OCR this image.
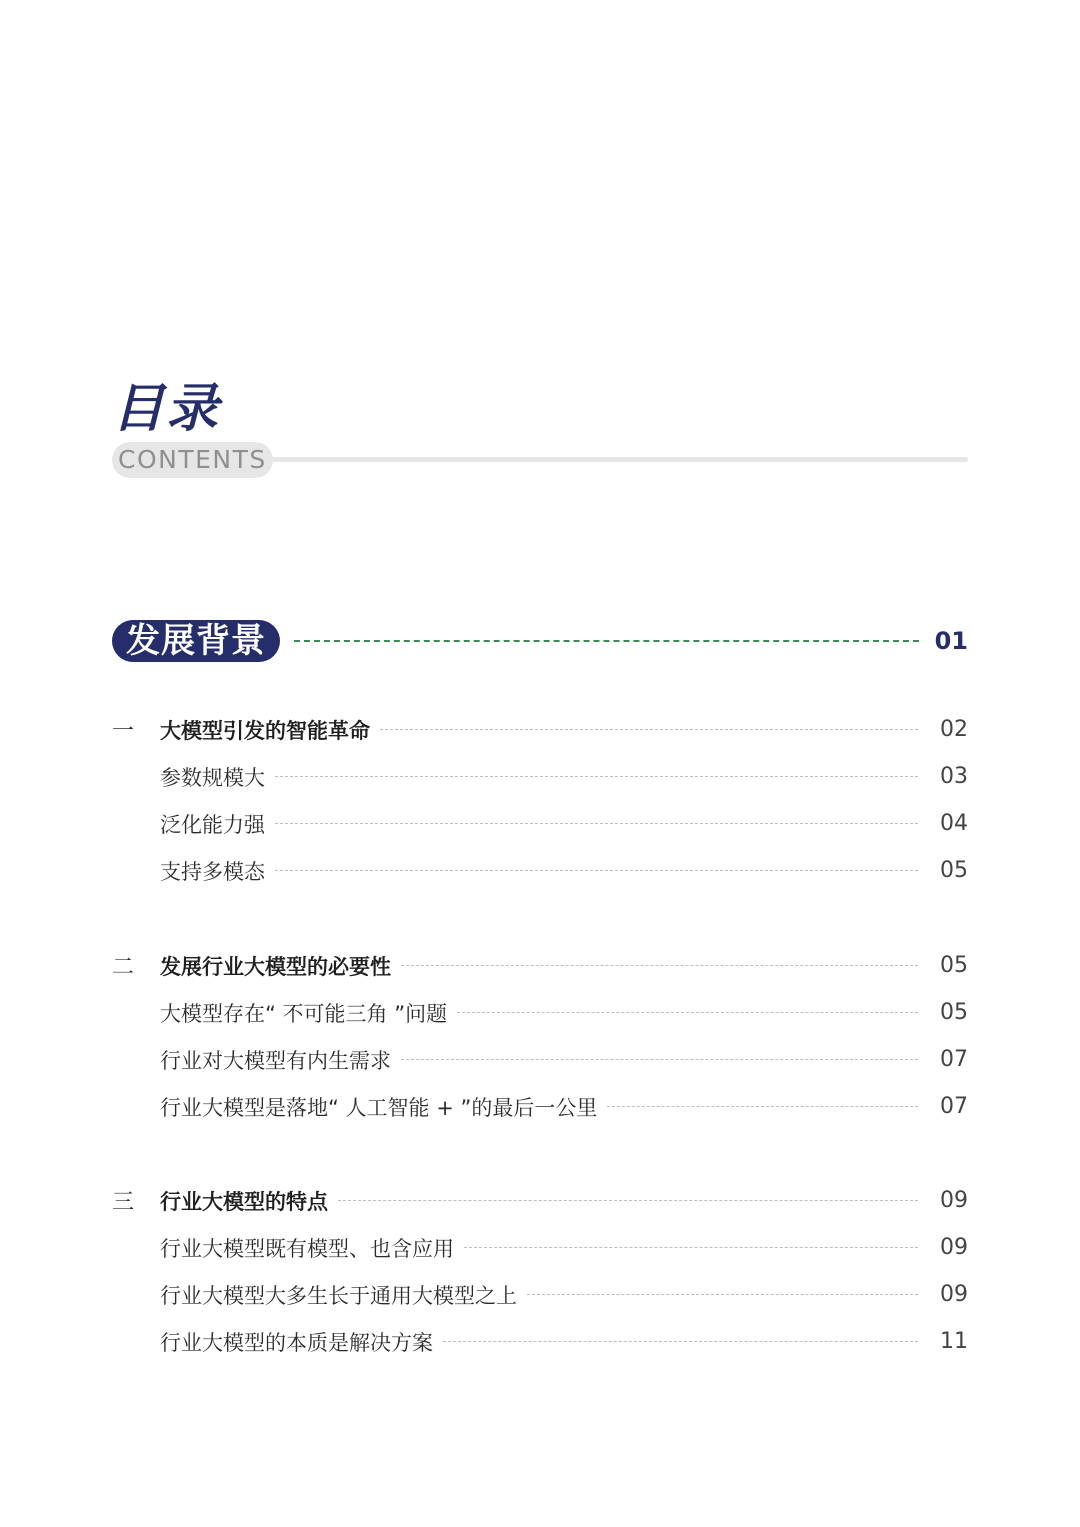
目录
CONTENTS
发展背景	01
一	大模型引发的智能革命	02
参数规模大	03
泛化能力强	04
支持多模态	05
二	发展行业大模型的必要性	05
大模型存在“ 不可能三角 ”问题	05
行业对大模型有内生需求	07
行业大模型是落地“ 人工智能 + ”的最后一公里	07
三	行业大模型的特点	09
行业大模型既有模型、也含应用	09
行业大模型大多生长于通用大模型之上	09
行业大模型的本质是解决方案	11
